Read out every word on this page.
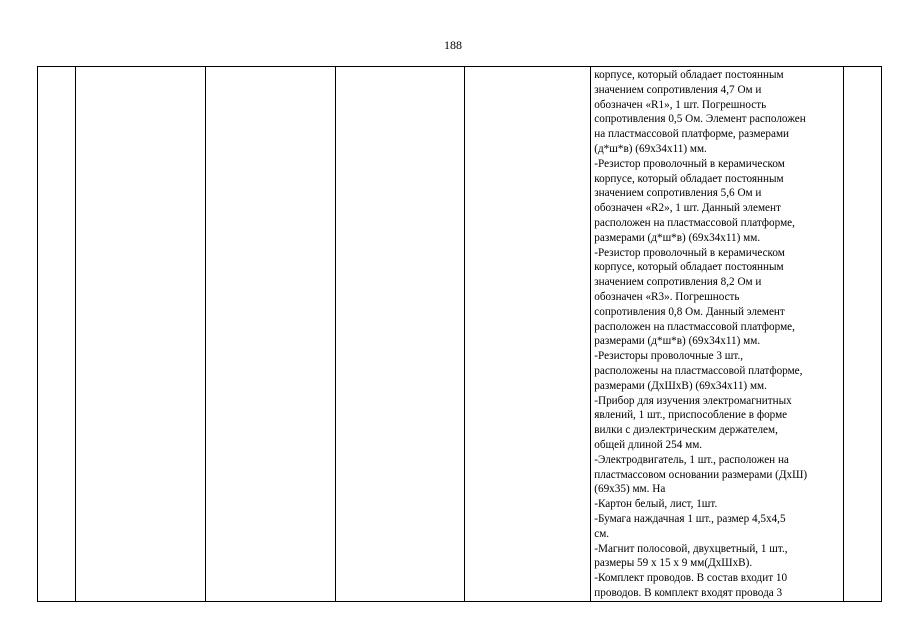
188

корпусе, который обладает постоянным
значением сопротивления 4,7 Ом и
обозначен «R1», 1 шт. Погрешность
сопротивления 0,5 Ом. Элемент расположен
на пластмассовой платформе, размерами
(д*ш*в) (69х34х11) мм.
-Резистор проволочный в керамическом
корпусе, который обладает постоянным
значением сопротивления 5,6 Ом и
обозначен «R2», 1 шт. Данный элемент
расположен на пластмассовой платформе,
размерами (д*ш*в) (69х34х11) мм.
-Резистор проволочный в керамическом
корпусе, который обладает постоянным
значением сопротивления 8,2 Ом и
обозначен «R3». Погрешность
сопротивления 0,8 Ом. Данный элемент
расположен на пластмассовой платформе,
размерами (д*ш*в) (69х34х11) мм.
-Резисторы проволочные 3 шт.,
расположены на пластмассовой платформе,
размерами (ДхШхВ) (69х34х11) мм.
-Прибор для изучения электромагнитных
явлений, 1 шт., приспособление в форме
вилки с диэлектрическим держателем,
общей длиной 254 мм.
-Электродвигатель, 1 шт., расположен на
пластмассовом основании размерами (ДхШ)
(69х35) мм. На
-Картон белый, лист, 1шт.
-Бумага наждачная 1 шт., размер 4,5х4,5
см.
-Магнит полосовой, двухцветный, 1 шт.,
размеры 59 х 15 х 9 мм(ДхШхВ).
-Комплект проводов. В состав входит 10
проводов. В комплект входят провода 3
